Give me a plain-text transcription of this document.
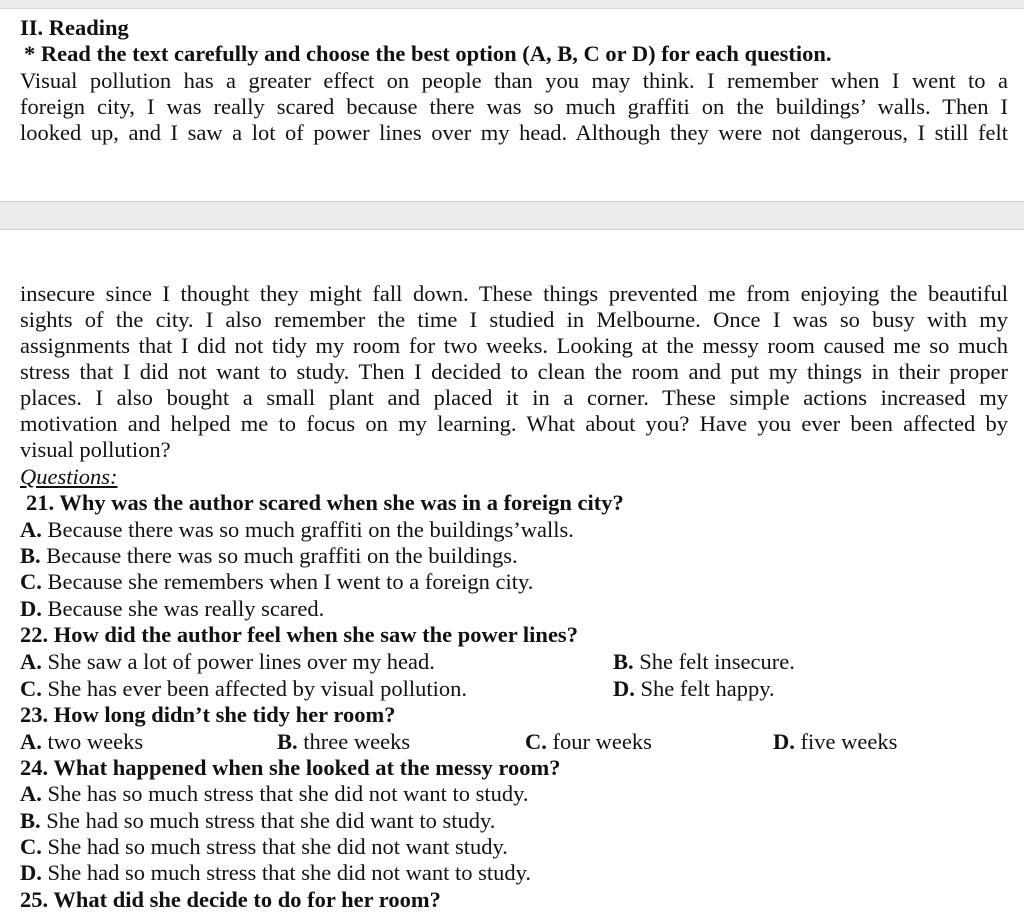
II. Reading

* Read the text carefully and choose the best option (A, B, C or D) for each question.

Visual pollution has a greater effect on people than you may think. I remember when I went to a

foreign city, I was really scared because there was so much graffiti on the buildings’ walls. Then I

looked up, and I saw a lot of power lines over my head. Although they were not dangerous, I still felt

insecure since I thought they might fall down. These things prevented me from enjoying the beautiful

sights of the city. I also remember the time I studied in Melbourne. Once I was so busy with my

assignments that I did not tidy my room for two weeks. Looking at the messy room caused me so much

stress that I did not want to study. Then I decided to clean the room and put my things in their proper

places. I also bought a small plant and placed it in a corner. These simple actions increased my

motivation and helped me to focus on my learning. What about you? Have you ever been affected by

visual pollution?

Questions:

21. Why was the author scared when she was in a foreign city?

A. Because there was so much graffiti on the buildings’walls.
B. Because there was so much graffiti on the buildings.
C. Because she remembers when I went to a foreign city.
D. Because she was really scared.

22. How did the author feel when she saw the power lines?

A. She saw a lot of power lines over my head.	B. She felt insecure.
C. She has ever been affected by visual pollution.	D. She felt happy.

23. How long didn’t she tidy her room?

A. two weeks	B. three weeks	C. four weeks	D. five weeks

24. What happened when she looked at the messy room?

A. She has so much stress that she did not want to study.
B. She had so much stress that she did want to study.
C. She had so much stress that she did not want study.
D. She had so much stress that she did not want to study.

25. What did she decide to do for her room?
